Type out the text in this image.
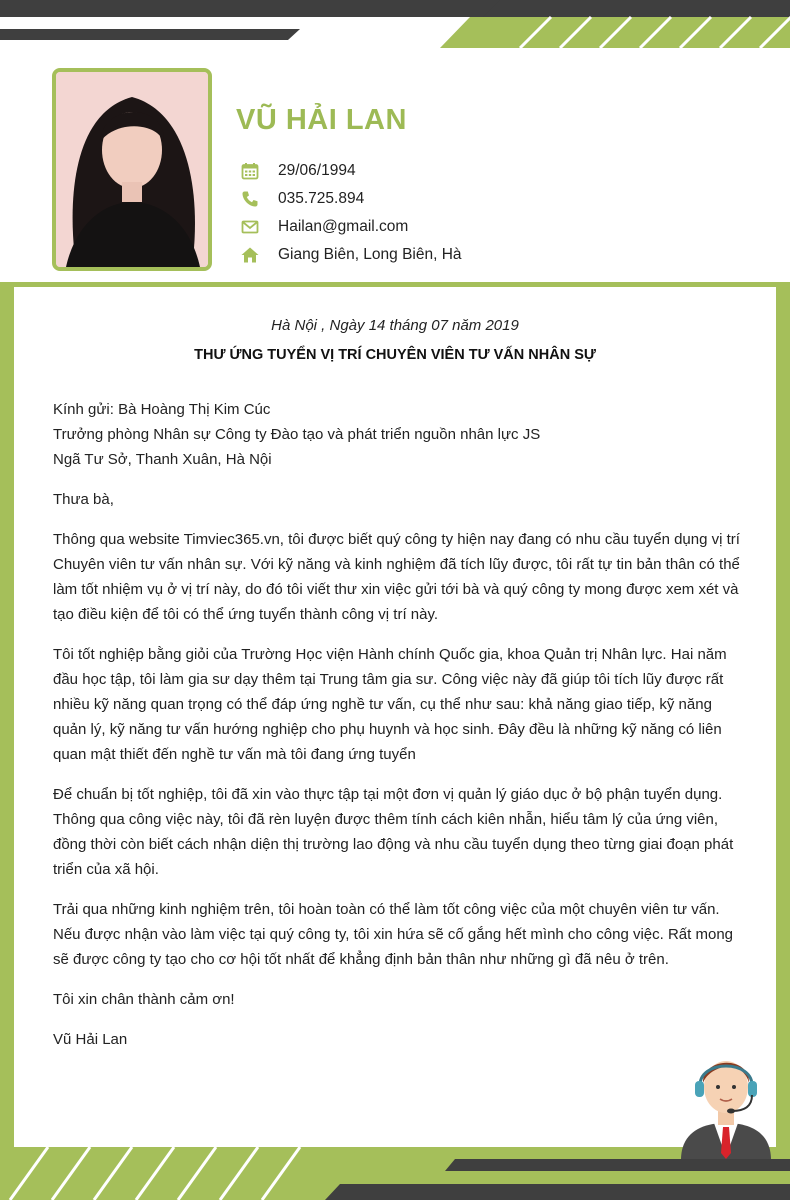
VŨ HẢI LAN
29/06/1994
035.725.894
Hailan@gmail.com
Giang Biên, Long Biên, Hà
Hà Nội , Ngày 14 tháng 07 năm 2019
THƯ ỨNG TUYỂN VỊ TRÍ CHUYÊN VIÊN TƯ VẤN NHÂN SỰ

Kính gửi: Bà Hoàng Thị Kim Cúc

Trưởng phòng Nhân sự Công ty Đào tạo và phát triển nguồn nhân lực JS

Ngã Tư Sở, Thanh Xuân, Hà Nội

Thưa bà,

Thông qua website Timviec365.vn, tôi được biết quý công ty hiện nay đang có nhu cầu tuyển dụng vị trí Chuyên viên tư vấn nhân sự. Với kỹ năng và kinh nghiệm đã tích lũy được, tôi rất tự tin bản thân có thể làm tốt nhiệm vụ ở vị trí này, do đó tôi viết thư xin việc gửi tới bà và quý công ty mong được xem xét và tạo điều kiện để tôi có thể ứng tuyển thành công vị trí này.

Tôi tốt nghiệp bằng giỏi của Trường Học viện Hành chính Quốc gia, khoa Quản trị Nhân lực. Hai năm đầu học tập, tôi làm gia sư dạy thêm tại Trung tâm gia sư. Công việc này đã giúp tôi tích lũy được rất nhiều kỹ năng quan trọng có thể đáp ứng nghề tư vấn, cụ thể như sau: khả năng giao tiếp, kỹ năng quản lý, kỹ năng tư vấn hướng nghiệp cho phụ huynh và học sinh. Đây đều là những kỹ năng có liên quan mật thiết đến nghề tư vấn mà tôi đang ứng tuyển

Để chuẩn bị tốt nghiệp, tôi đã xin vào thực tập tại một đơn vị quản lý giáo dục ở bộ phận tuyển dụng. Thông qua công việc này, tôi đã rèn luyện được thêm tính cách kiên nhẫn, hiểu tâm lý của ứng viên, đồng thời còn biết cách nhận diện thị trường lao động và nhu cầu tuyển dụng theo từng giai đoạn phát triển của xã hội.

Trải qua những kinh nghiệm trên, tôi hoàn toàn có thể làm tốt công việc của một chuyên viên tư vấn. Nếu được nhận vào làm việc tại quý công ty, tôi xin hứa sẽ cố gắng hết mình cho công việc. Rất mong sẽ được công ty tạo cho cơ hội tốt nhất để khẳng định bản thân như những gì đã nêu ở trên.

Tôi xin chân thành cảm ơn!

Vũ Hải Lan
